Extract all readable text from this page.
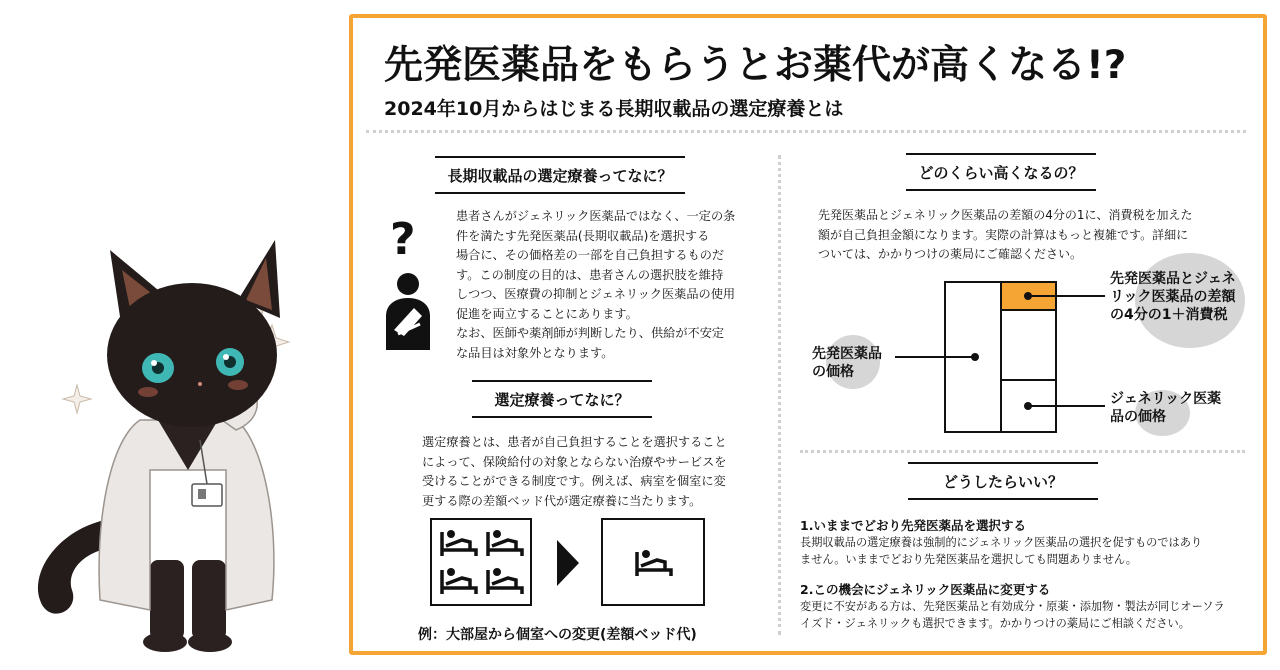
先発医薬品をもらうとお薬代が高くなる!?
2024年10月からはじまる長期収載品の選定療養とは
長期収載品の選定療養ってなに？
?	患者さんがジェネリック医薬品ではなく、一定の条

件を満たす先発医薬品(長期収載品)を選択する

場合に、その価格差の一部を自己負担するものだ

す。この制度の目的は、患者さんの選択肢を維持

しつつ、医療費の抑制とジェネリック医薬品の使用

促進を両立することにあります。

なお、医師や薬剤師が判断したり、供給が不安定

な品目は対象外となります。

選定療養ってなに？

選定療養とは、患者が自己負担することを選択すること

によって、保険給付の対象とならない治療やサービスを

受けることができる制度です。例えば、病室を個室に変

更する際の差額ベッド代が選定療養に当たります。

例：大部屋から個室への変更(差額ベッド代)
どのくらい高くなるの？

先発医薬品とジェネリック医薬品の差額の4分の1に、消費税を加えた

額が自己負担金額になります。実際の計算はもっと複雑です。詳細に

ついては、かかりつけの薬局にご確認ください。

先発医薬品

の価格

先発医薬品とジェネ

リック医薬品の差額

の4分の1＋消費税

ジェネリック医薬

品の価格

どうしたらいい？
1.いままでどおり先発医薬品を選択する

長期収載品の選定療養は強制的にジェネリック医薬品の選択を促すものではあり

ません。いままでどおり先発医薬品を選択しても問題ありません。

2.この機会にジェネリック医薬品に変更する

変更に不安がある方は、先発医薬品と有効成分・原薬・添加物・製法が同じオーソラ

イズド・ジェネリックも選択できます。かかりつけの薬局にご相談ください。
